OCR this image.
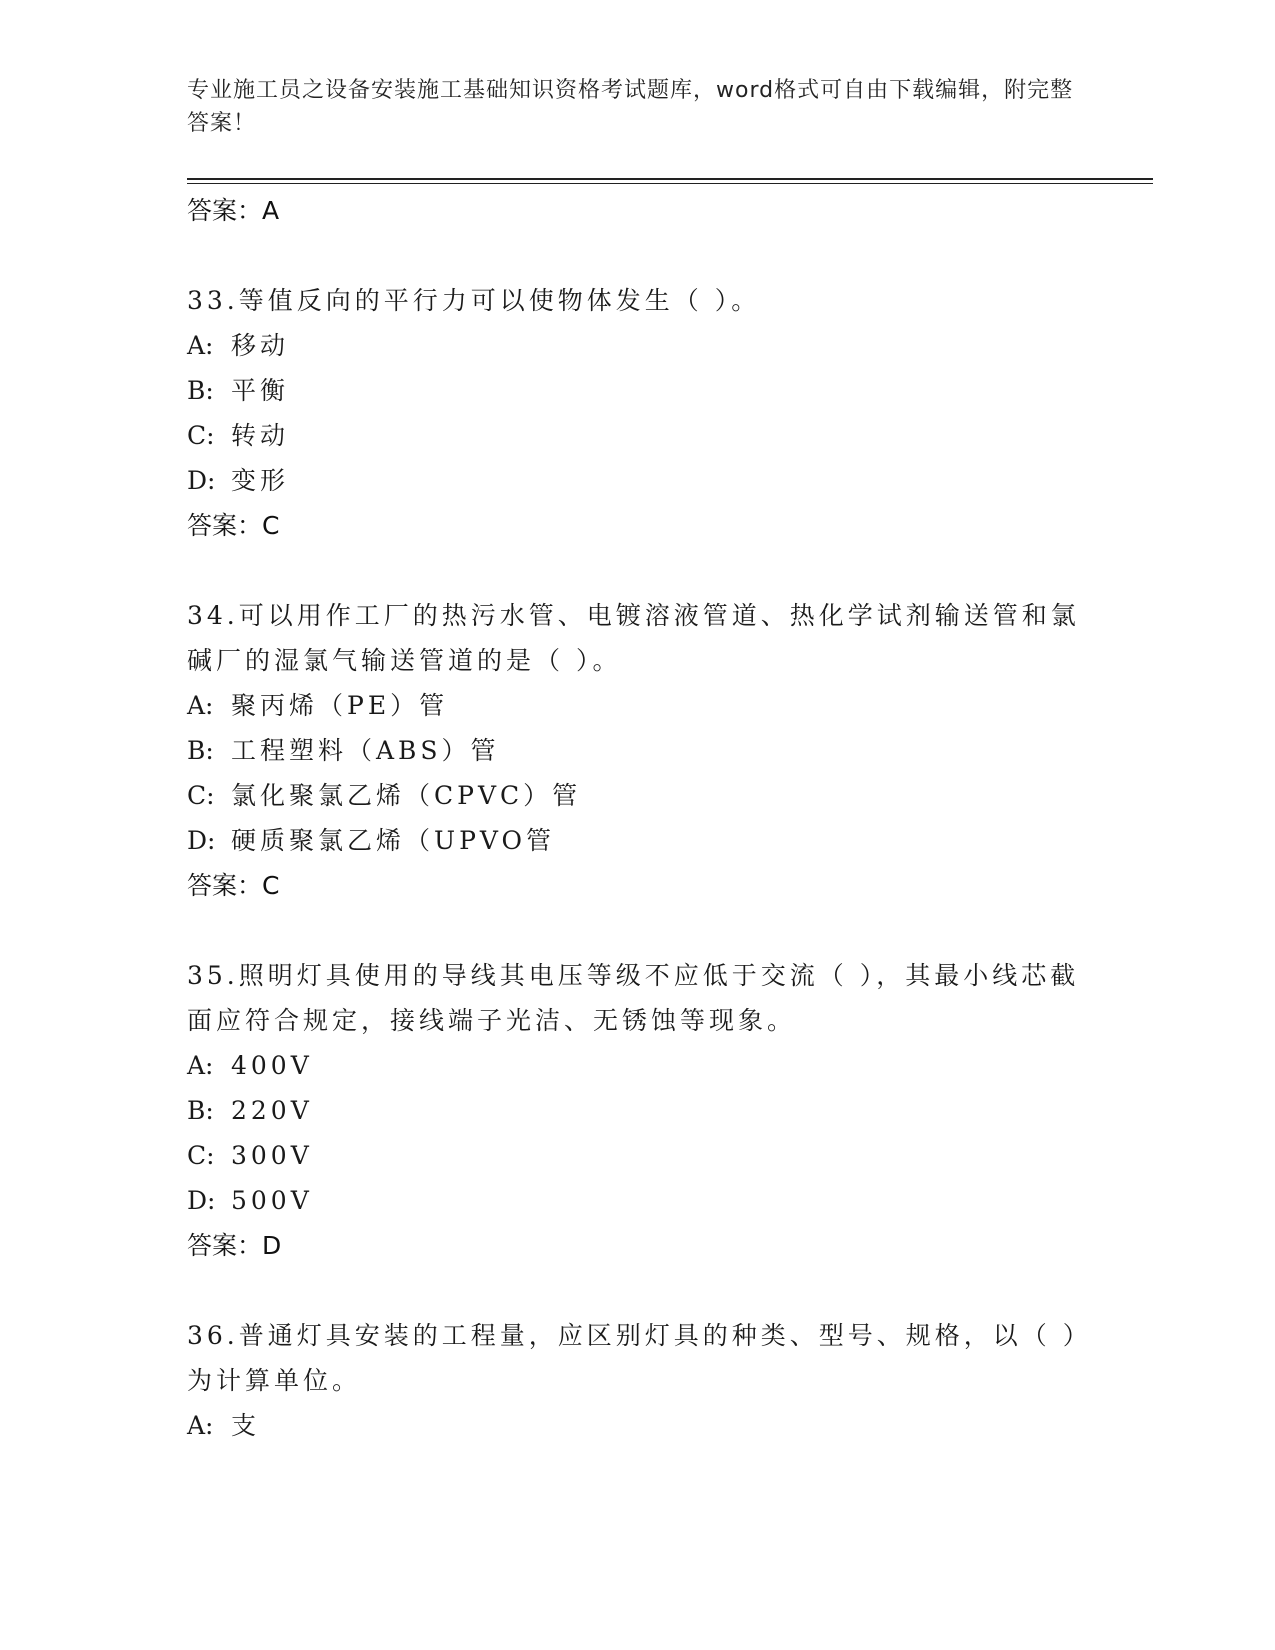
专业施工员之设备安装施工基础知识资格考试题库，word格式可自由下载编辑，附完整答案！
答案：A
33.等值反向的平行力可以使物体发生（ ）。
A: 移动
B: 平衡
C: 转动
D: 变形
答案：C
34.可以用作工厂的热污水管、电镀溶液管道、热化学试剂输送管和氯碱厂的湿氯气输送管道的是（ ）。
A: 聚丙烯（PE）管
B: 工程塑料（ABS）管
C: 氯化聚氯乙烯（CPVC）管
D: 硬质聚氯乙烯（UPVO管
答案：C
35.照明灯具使用的导线其电压等级不应低于交流（ ），其最小线芯截面应符合规定，接线端子光洁、无锈蚀等现象。
A: 400V
B: 220V
C: 300V
D: 500V
答案：D
36.普通灯具安装的工程量，应区别灯具的种类、型号、规格，以（ ）为计算单位。
A: 支
